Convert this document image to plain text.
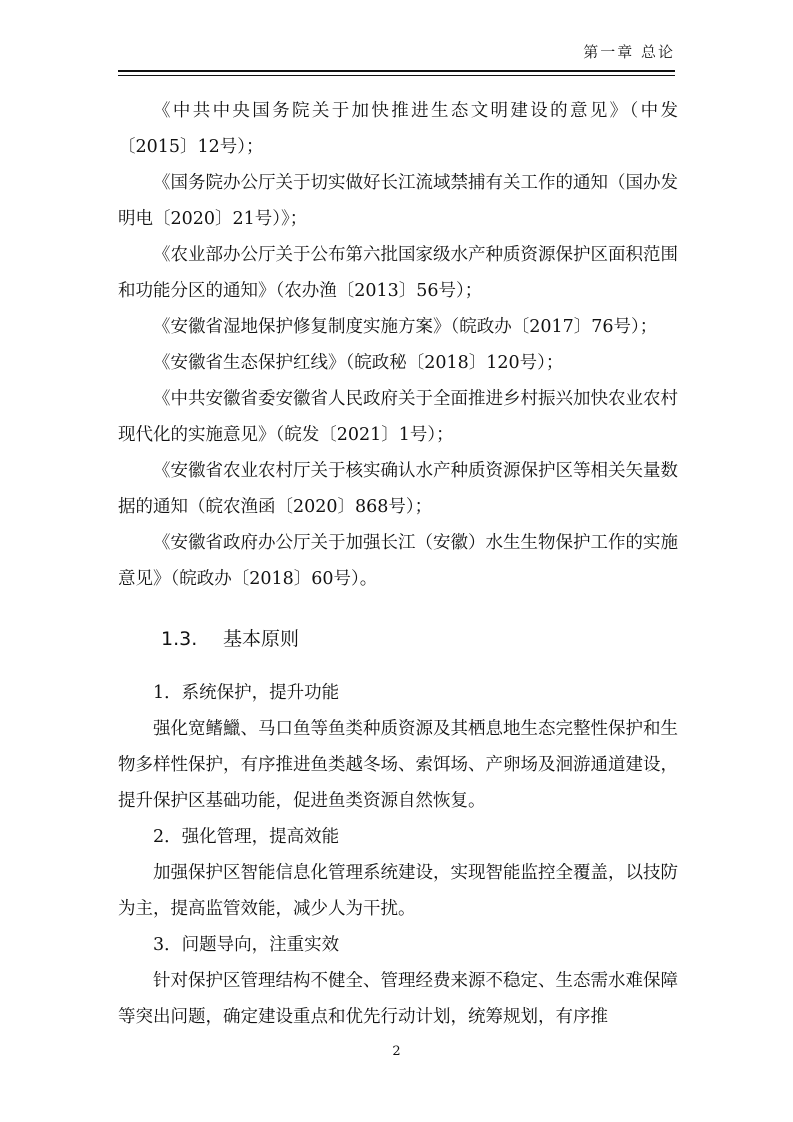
第一章 总论

《中共中央国务院关于加快推进生态文明建设的意见》（中发〔2015〕12号）；

《国务院办公厅关于切实做好长江流域禁捕有关工作的通知（国办发明电〔2020〕21号）》；

《农业部办公厅关于公布第六批国家级水产种质资源保护区面积范围和功能分区的通知》（农办渔〔2013〕56号）；

《安徽省湿地保护修复制度实施方案》（皖政办〔2017〕76号）；

《安徽省生态保护红线》（皖政秘〔2018〕120号）；

《中共安徽省委安徽省人民政府关于全面推进乡村振兴加快农业农村现代化的实施意见》（皖发〔2021〕1号）；

《安徽省农业农村厅关于核实确认水产种质资源保护区等相关矢量数据的通知（皖农渔函〔2020〕868号）；

《安徽省政府办公厅关于加强长江（安徽）水生生物保护工作的实施意见》（皖政办〔2018〕60号）。

1.3. 基本原则

1．系统保护，提升功能

强化宽鳍鱲、马口鱼等鱼类种质资源及其栖息地生态完整性保护和生物多样性保护，有序推进鱼类越冬场、索饵场、产卵场及洄游通道建设，提升保护区基础功能，促进鱼类资源自然恢复。

2．强化管理，提高效能

加强保护区智能信息化管理系统建设，实现智能监控全覆盖，以技防为主，提高监管效能，减少人为干扰。

3．问题导向，注重实效

针对保护区管理结构不健全、管理经费来源不稳定、生态需水难保障等突出问题，确定建设重点和优先行动计划，统筹规划，有序推

2
